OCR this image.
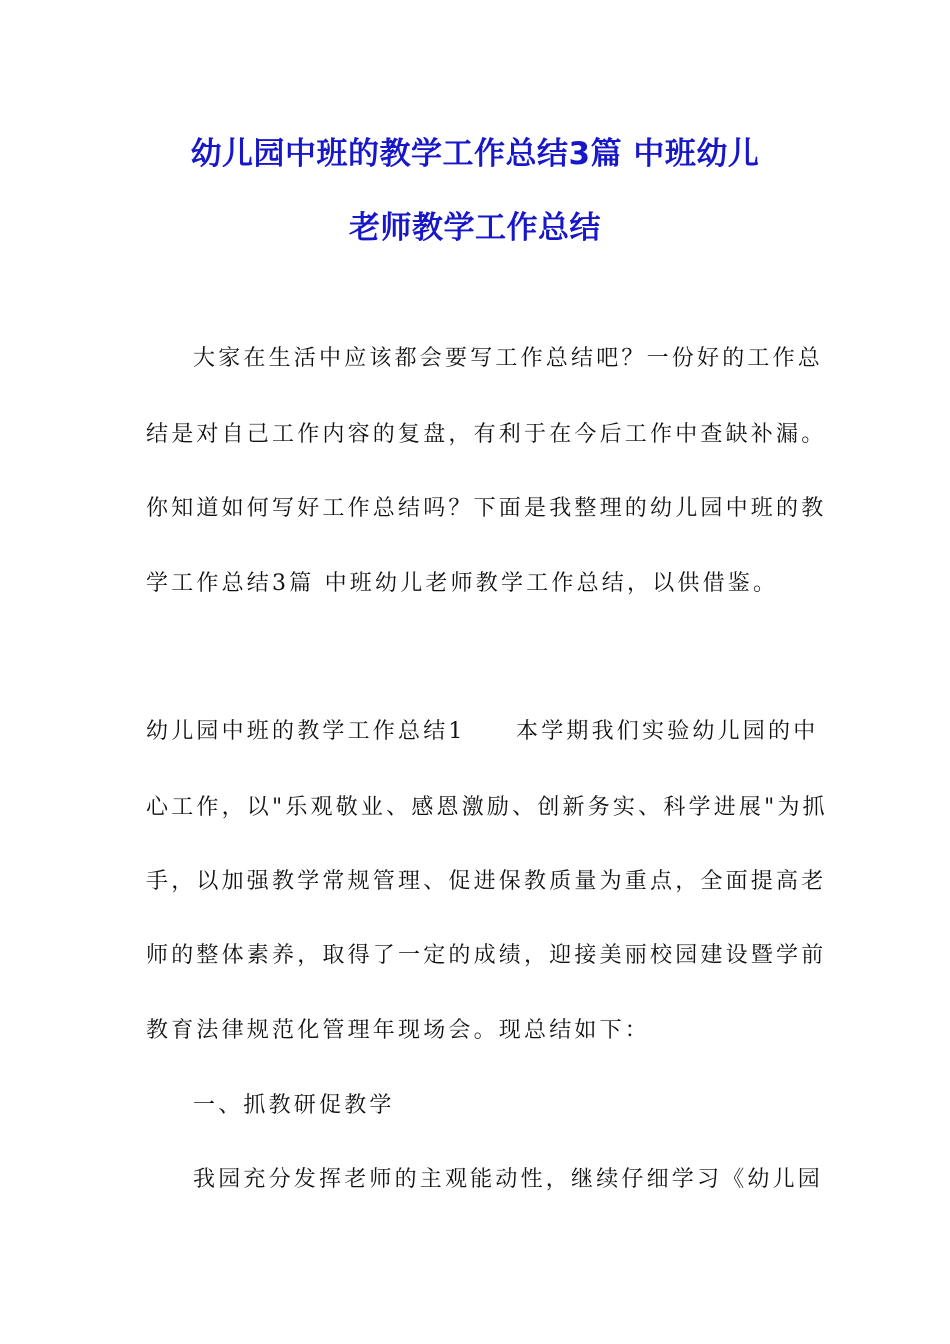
幼儿园中班的教学工作总结3篇 中班幼儿
老师教学工作总结
大家在生活中应该都会要写工作总结吧？一份好的工作总
结是对自己工作内容的复盘，有利于在今后工作中查缺补漏。
你知道如何写好工作总结吗？下面是我整理的幼儿园中班的教
学工作总结3篇 中班幼儿老师教学工作总结，以供借鉴。
幼儿园中班的教学工作总结1　　本学期我们实验幼儿园的中
心工作，以"乐观敬业、感恩激励、创新务实、科学进展"为抓
手，以加强教学常规管理、促进保教质量为重点，全面提高老
师的整体素养，取得了一定的成绩，迎接美丽校园建设暨学前
教育法律规范化管理年现场会。现总结如下：
一、抓教研促教学
我园充分发挥老师的主观能动性，继续仔细学习《幼儿园
